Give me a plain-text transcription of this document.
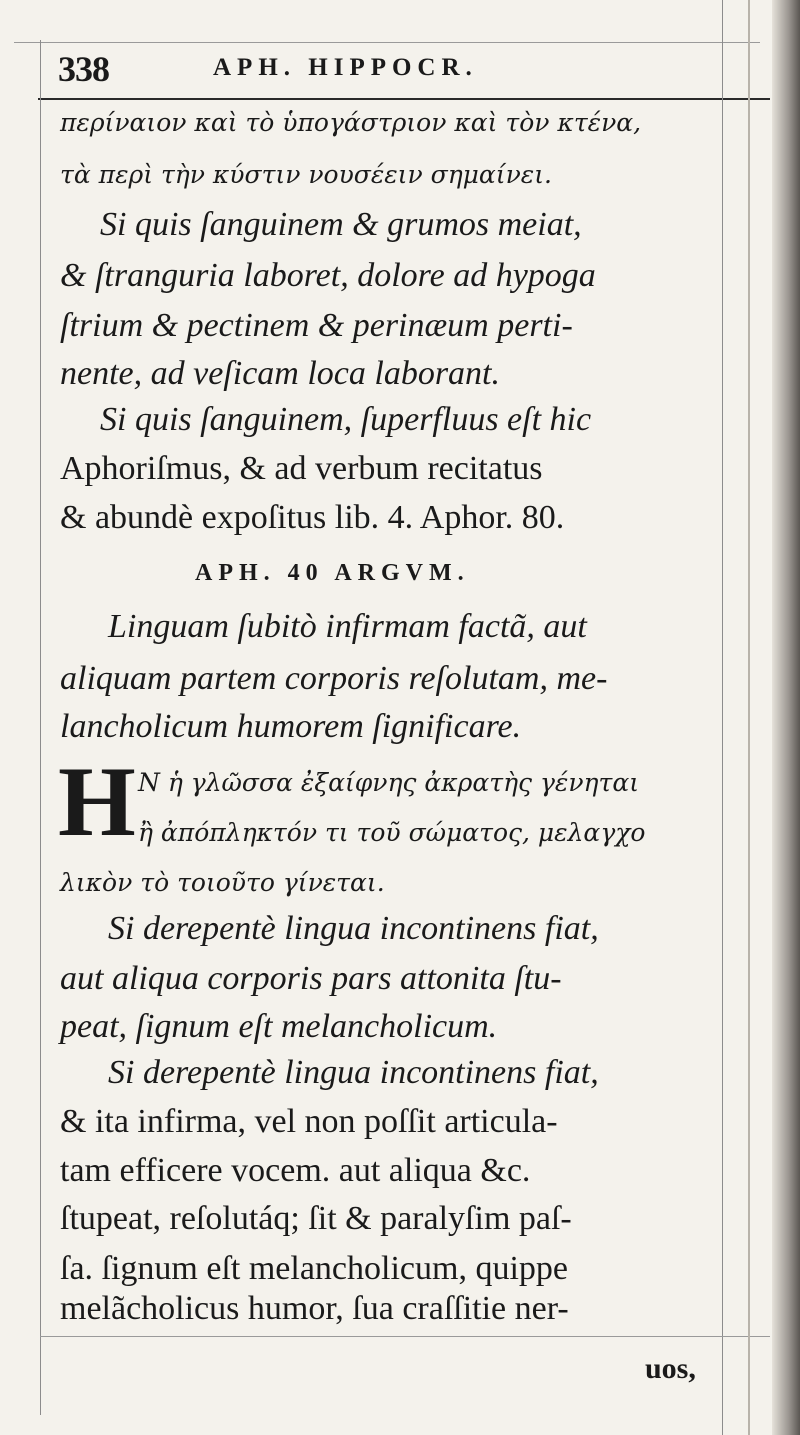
338	APH. HIPPOCR.
περίναιον καὶ τὸ ὑπογάστριον καὶ τὸν κτένα,
τὰ περὶ τὴν κύστιν νουσέειν σημαίνει.
Si quis ſanguinem & grumos meiat,
& ſtranguria laboret, dolore ad hypoga
ſtrium & pectinem & perinæum perti-
nente, ad veſicam loca laborant.
Si quis ſanguinem, ſuperfluus eſt hic
Aphoriſmus, & ad verbum recitatus
& abundè expoſitus lib. 4. Aphor. 80.
APH. 40 ARGVM.
Linguam ſubitò infirmam factã, aut
aliquam partem corporis reſolutam, me-
lancholicum humorem ſignificare.
H Ν ἡ γλῶσσα ἐξαίφνης ἀκρατὴς γένηται
ἢ ἀπόπληκτόν τι τοῦ σώματος, μελαγχο
λικὸν τὸ τοιοῦτο γίνεται.
Si derepentè lingua incontinens fiat,
aut aliqua corporis pars attonita ſtu-
peat, ſignum eſt melancholicum.
Si derepentè lingua incontinens fiat,
& ita infirma, vel non poſſit articula-
tam efficere vocem. aut aliqua &c.
ſtupeat, reſolutáq; ſit & paralyſim paſ-
ſa. ſignum eſt melancholicum, quippe
melãcholicus humor, ſua craſſitie ner-
uos,
